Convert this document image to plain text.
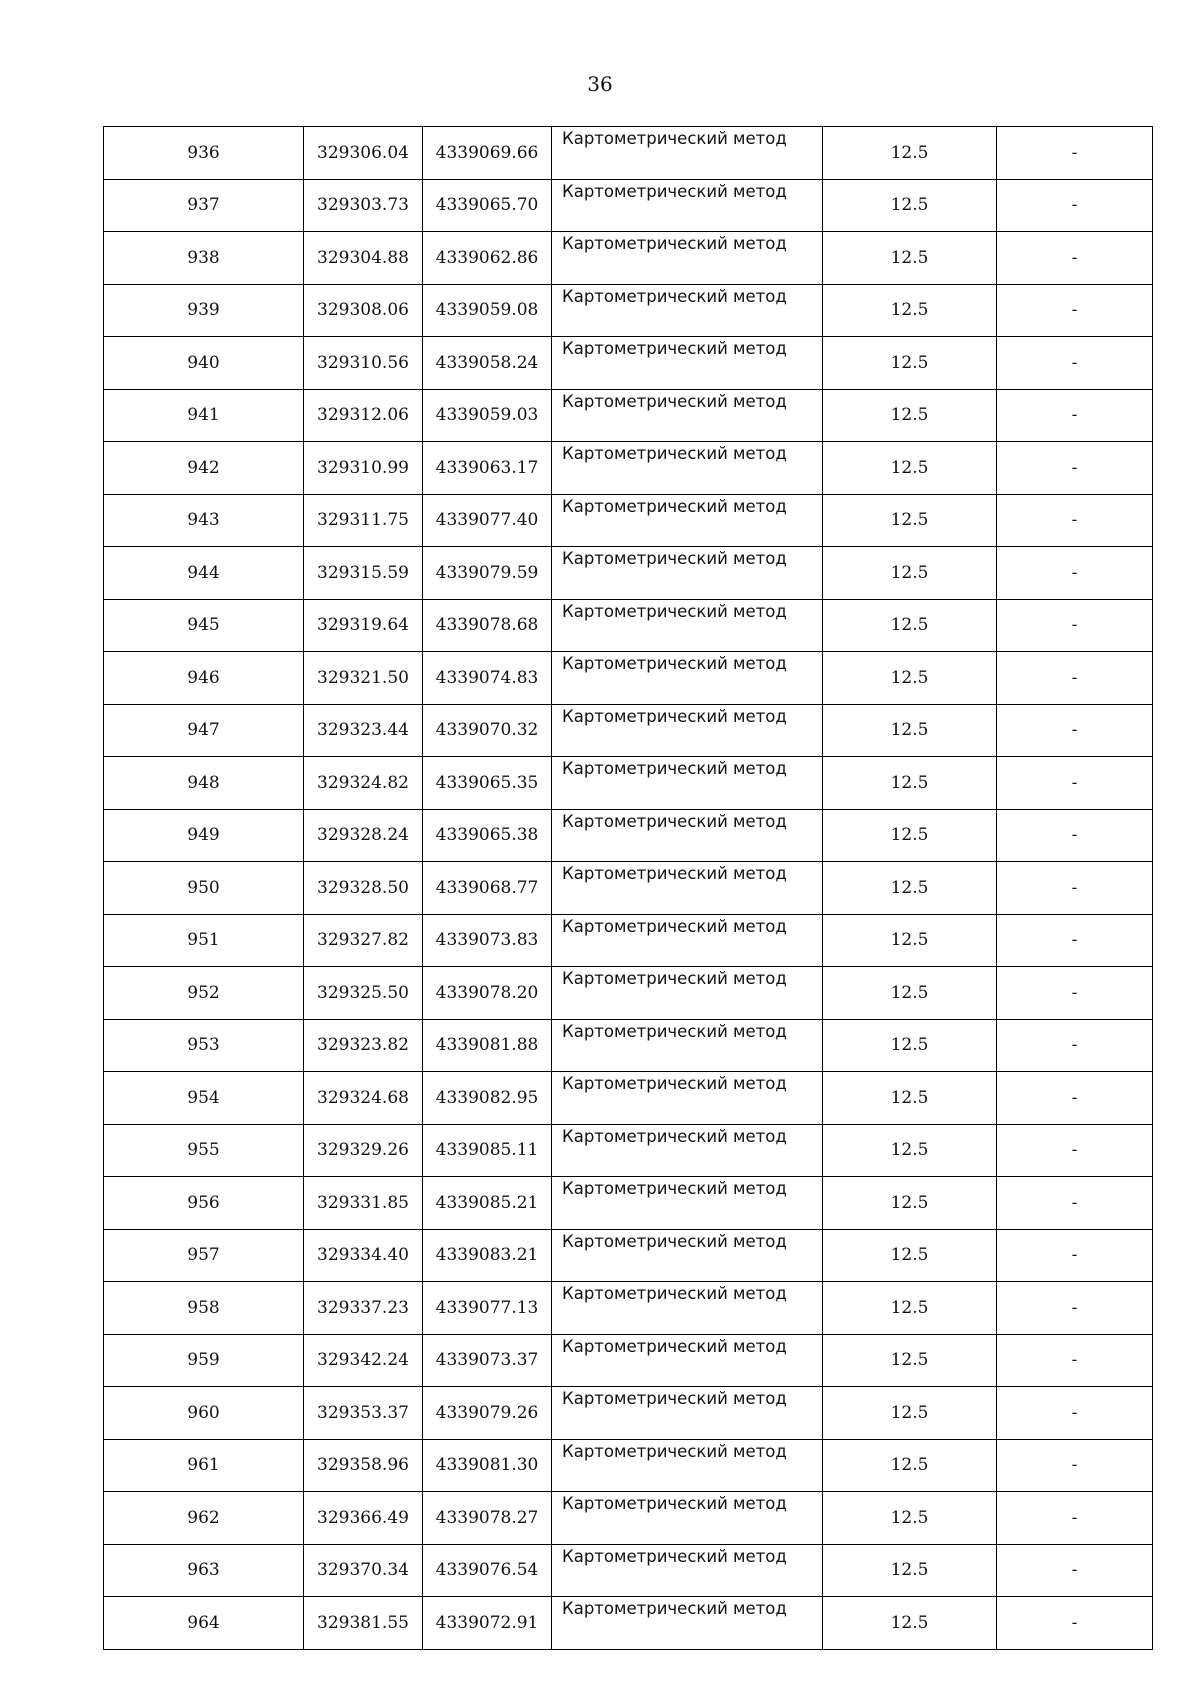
36
936	329306.04	4339069.66	Картометрический метод	12.5	-
937	329303.73	4339065.70	Картометрический метод	12.5	-
938	329304.88	4339062.86	Картометрический метод	12.5	-
939	329308.06	4339059.08	Картометрический метод	12.5	-
940	329310.56	4339058.24	Картометрический метод	12.5	-
941	329312.06	4339059.03	Картометрический метод	12.5	-
942	329310.99	4339063.17	Картометрический метод	12.5	-
943	329311.75	4339077.40	Картометрический метод	12.5	-
944	329315.59	4339079.59	Картометрический метод	12.5	-
945	329319.64	4339078.68	Картометрический метод	12.5	-
946	329321.50	4339074.83	Картометрический метод	12.5	-
947	329323.44	4339070.32	Картометрический метод	12.5	-
948	329324.82	4339065.35	Картометрический метод	12.5	-
949	329328.24	4339065.38	Картометрический метод	12.5	-
950	329328.50	4339068.77	Картометрический метод	12.5	-
951	329327.82	4339073.83	Картометрический метод	12.5	-
952	329325.50	4339078.20	Картометрический метод	12.5	-
953	329323.82	4339081.88	Картометрический метод	12.5	-
954	329324.68	4339082.95	Картометрический метод	12.5	-
955	329329.26	4339085.11	Картометрический метод	12.5	-
956	329331.85	4339085.21	Картометрический метод	12.5	-
957	329334.40	4339083.21	Картометрический метод	12.5	-
958	329337.23	4339077.13	Картометрический метод	12.5	-
959	329342.24	4339073.37	Картометрический метод	12.5	-
960	329353.37	4339079.26	Картометрический метод	12.5	-
961	329358.96	4339081.30	Картометрический метод	12.5	-
962	329366.49	4339078.27	Картометрический метод	12.5	-
963	329370.34	4339076.54	Картометрический метод	12.5	-
964	329381.55	4339072.91	Картометрический метод	12.5	-
